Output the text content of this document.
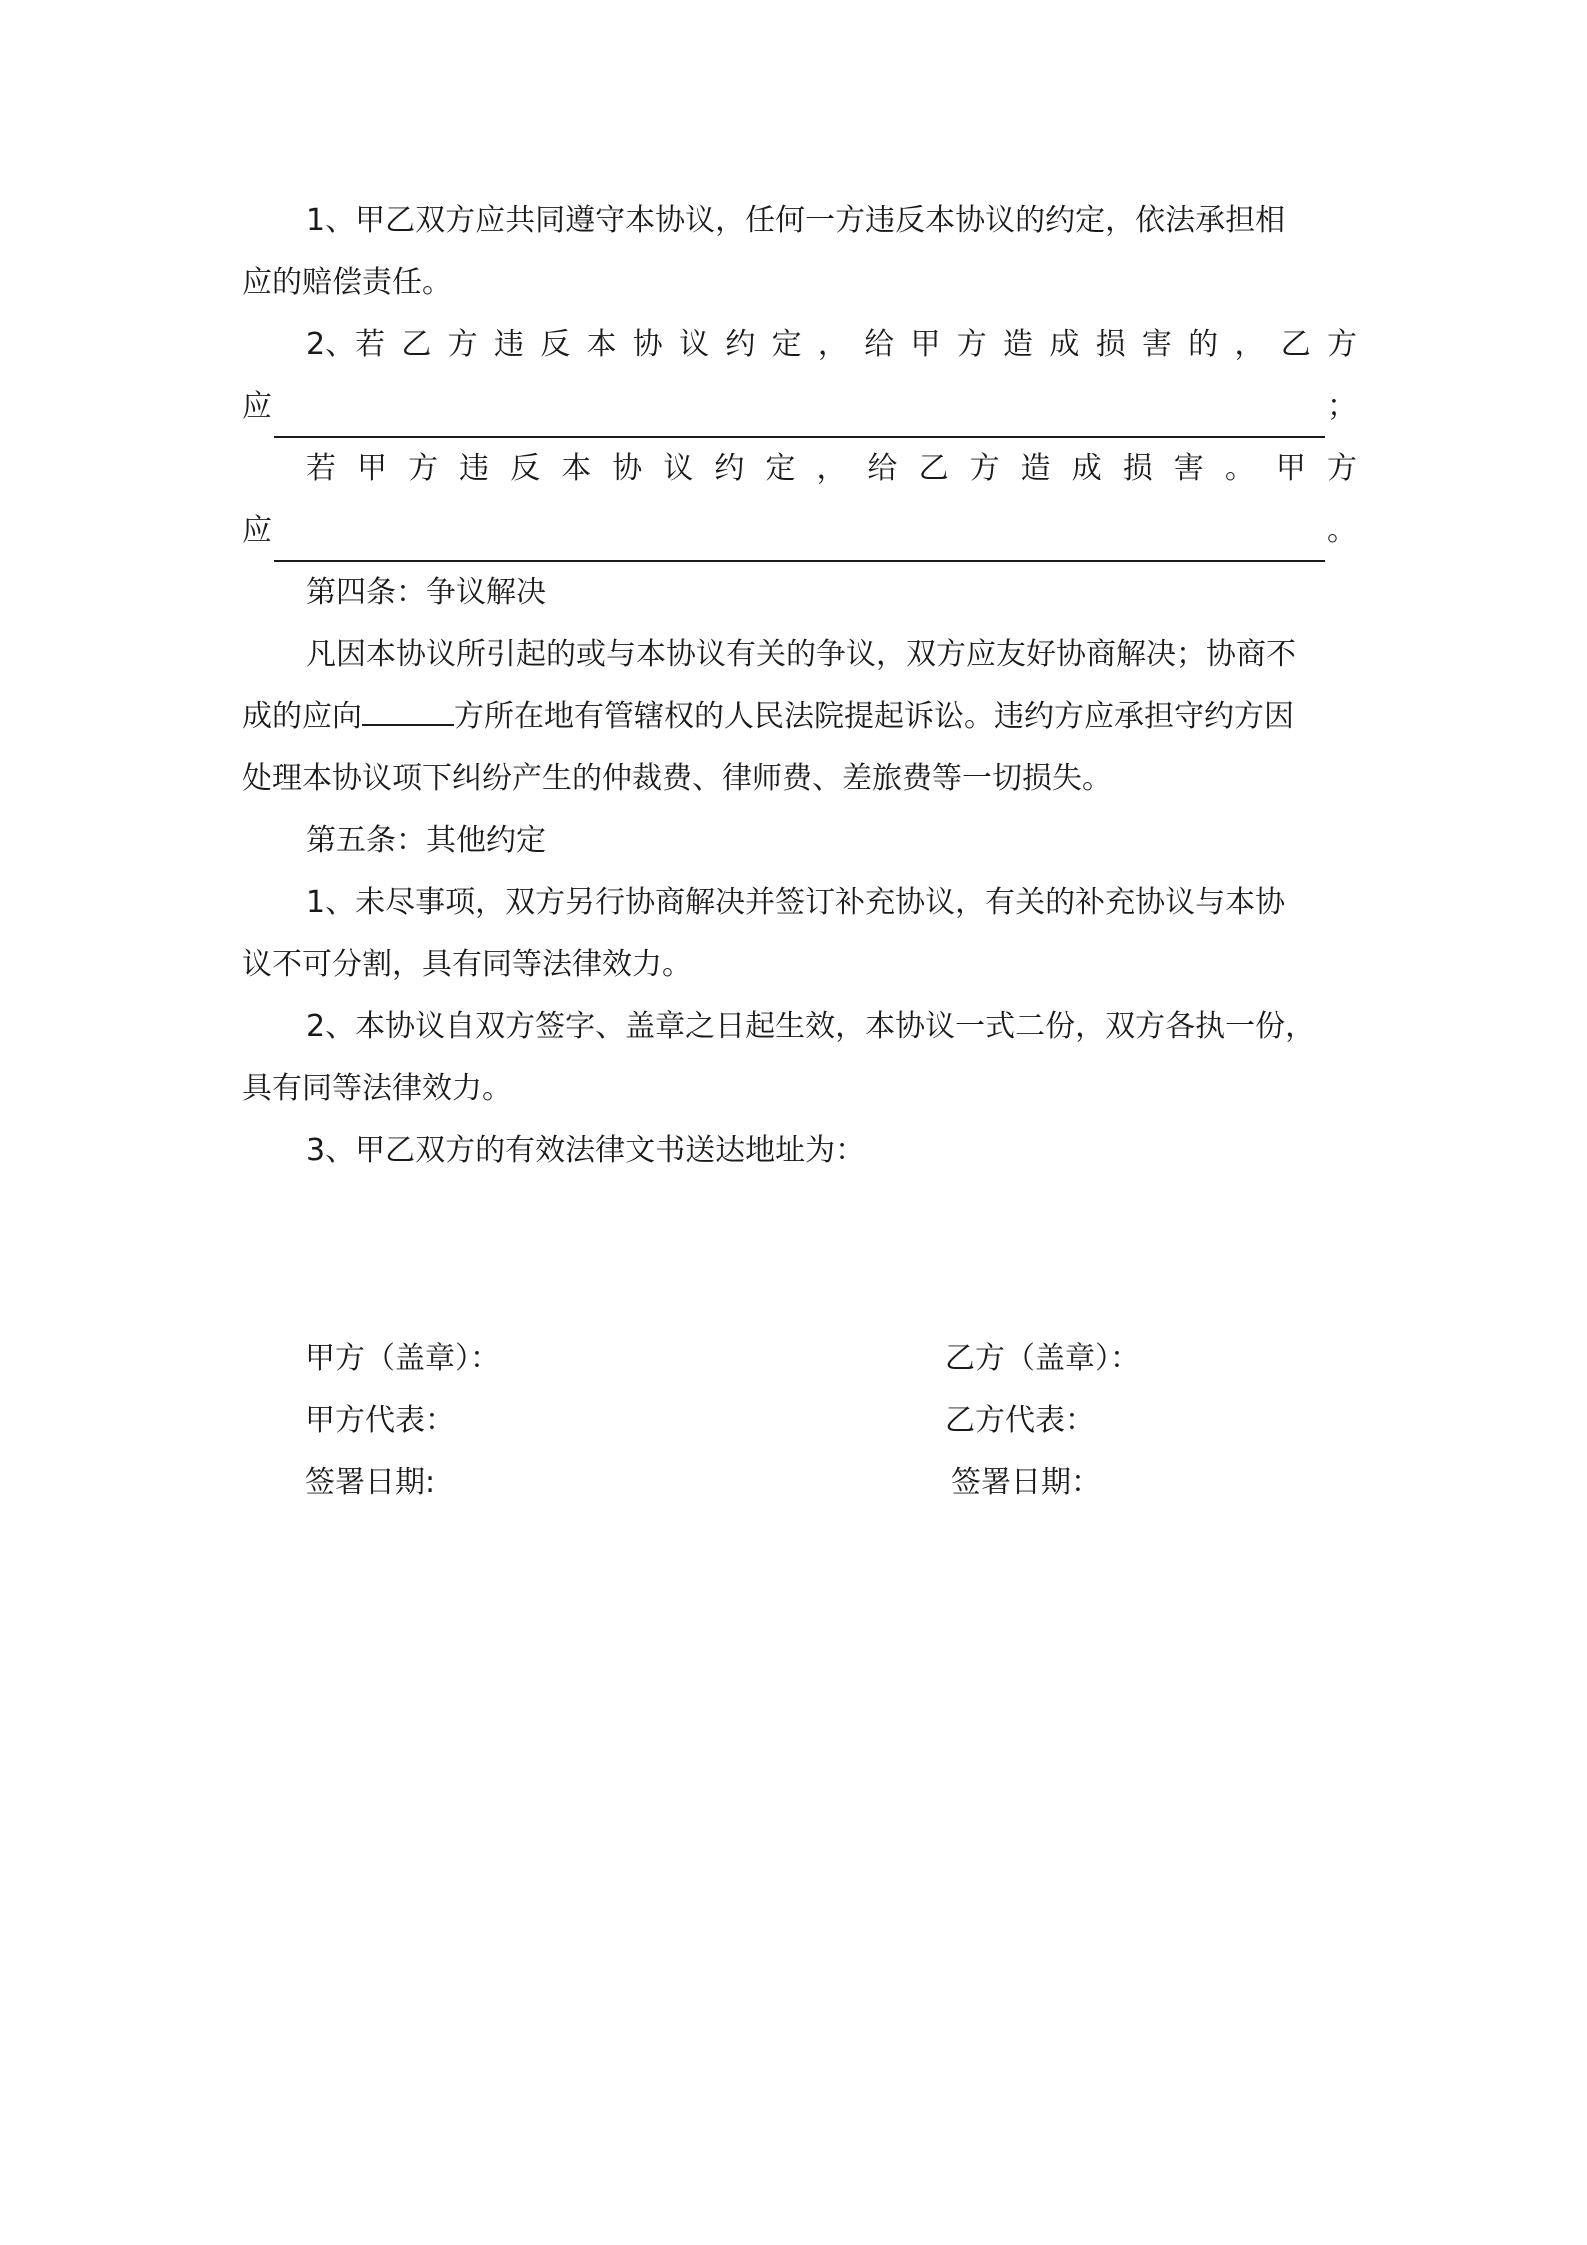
1、甲乙双方应共同遵守本协议，任何一方违反本协议的约定，依法承担相

应的赔偿责任。

2、若 乙 方 违 反 本 协 议 约 定 ， 给 甲 方 造 成 损 害 的 ， 乙 方

应	；

若 甲 方 违 反 本 协 议 约 定 ， 给 乙 方 造 成 损 害 。 甲 方

应	。

第四条：争议解决

凡因本协议所引起的或与本协议有关的争议，双方应友好协商解决；协商不

成的应向	方所在地有管辖权的人民法院提起诉讼。违约方应承担守约方因

处理本协议项下纠纷产生的仲裁费、律师费、差旅费等一切损失。

第五条：其他约定

1、未尽事项，双方另行协商解决并签订补充协议，有关的补充协议与本协

议不可分割，具有同等法律效力。

2、本协议自双方签字、盖章之日起生效，本协议一式二份，双方各执一份，

具有同等法律效力。

3、甲乙双方的有效法律文书送达地址为：

甲方（盖章）：	乙方（盖章）：
甲方代表：	乙方代表：
签署日期:	签署日期：
